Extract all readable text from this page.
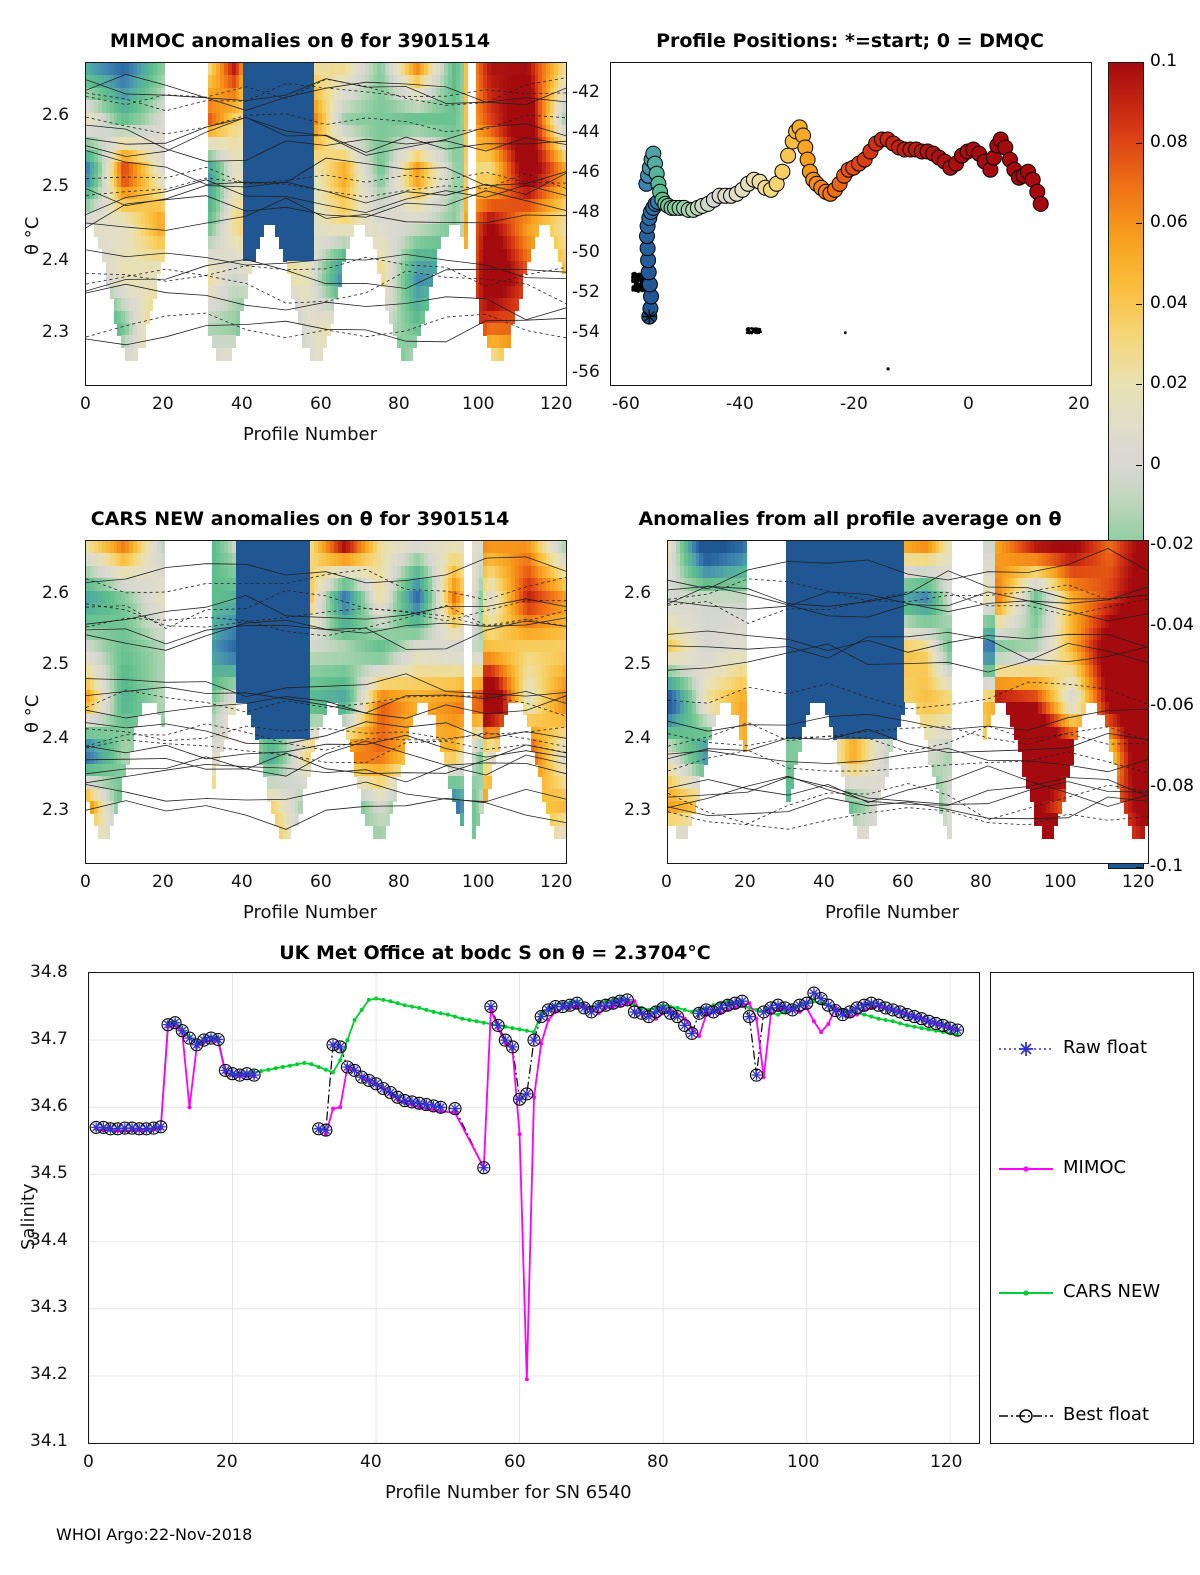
MIMOC anomalies on θ for 3901514
2.6
2.5
2.4
2.3
0	20	40	60	80	100	120
Profile Number
θ °C
Profile Positions: *=start; 0 = DMQC
-42
-44
-46
-48
-50
-52
-54
-56
-60	-40	-20	0	20
0.1
0.08
0.06
0.04
0.02
0
-0.02
-0.04
-0.06
-0.08
-0.1
CARS NEW anomalies on θ for 3901514
2.6
2.5
2.4
2.3
0	20	40	60	80	100	120
Profile Number
θ °C
Anomalies from all profile average on θ
2.6
2.5
2.4
2.3
0	20	40	60	80	100	120
Profile Number
UK Met Office at bodc S on θ = 2.3704°C
34.8
34.7
34.6
34.5
34.4
34.3
34.2
34.1
0	20	40	60	80	100	120
Profile Number for SN 6540
Salinity
Raw float
MIMOC
CARS NEW
Best float
WHOI Argo:22-Nov-2018
